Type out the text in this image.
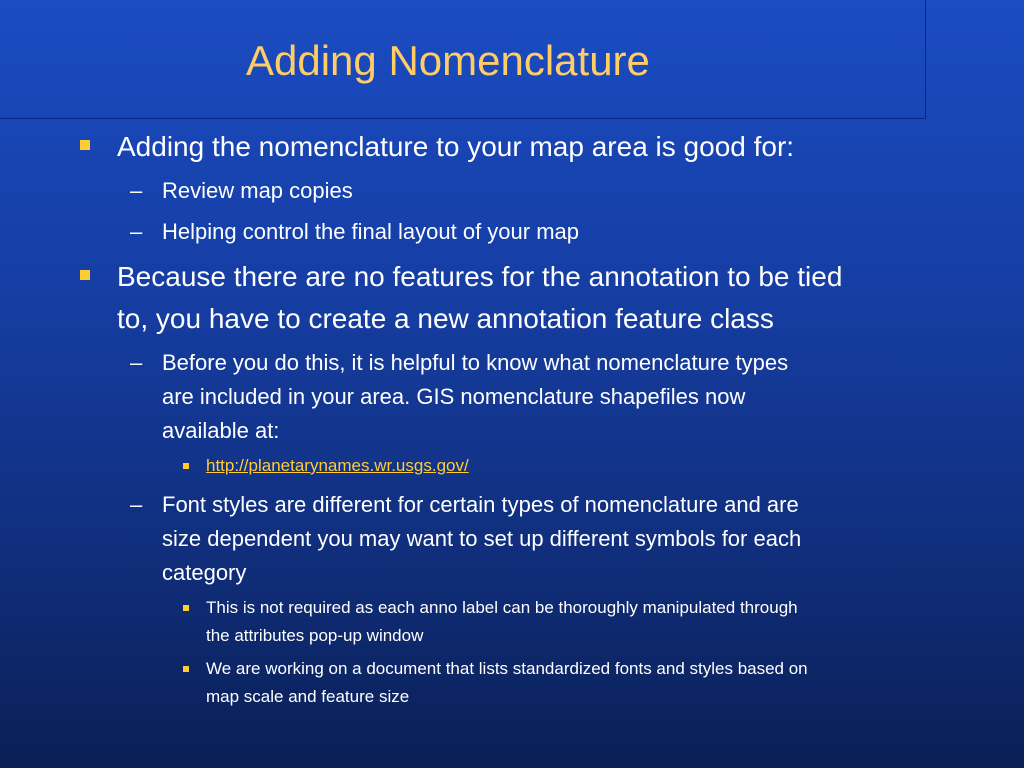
Adding Nomenclature

Adding the nomenclature to your map area is good for:

– Review map copies

– Helping control the final layout of your map

Because there are no features for the annotation to be tied

to, you have to create a new annotation feature class

– Before you do this, it is helpful to know what nomenclature types

are included in your area. GIS nomenclature shapefiles now

available at:

http://planetarynames.wr.usgs.gov/
– Font styles are different for certain types of nomenclature and are

size dependent you may want to set up different symbols for each

category

This is not required as each anno label can be thoroughly manipulated through

the attributes pop-up window

We are working on a document that lists standardized fonts and styles based on

map scale and feature size
